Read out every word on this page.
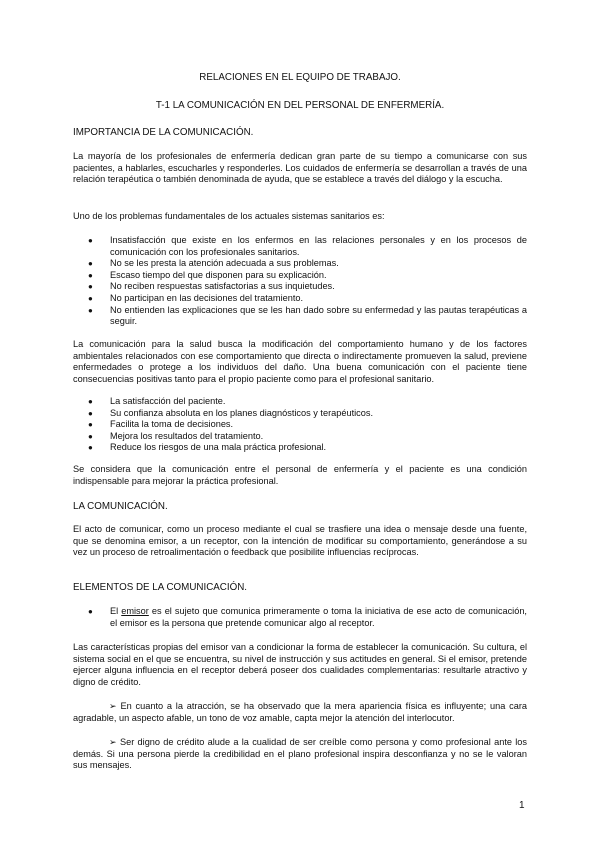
RELACIONES EN EL EQUIPO DE TRABAJO.
T-1 LA COMUNICACIÓN EN DEL PERSONAL DE ENFERMERÍA.
IMPORTANCIA DE LA COMUNICACIÓN.

La mayoría de los profesionales de enfermería dedican gran parte de su tiempo a comunicarse con sus pacientes, a hablarles, escucharles y responderles. Los cuidados de enfermería se desarrollan a través de una relación terapéutica o también denominada de ayuda, que se establece a través del diálogo y la escucha.

Uno de los problemas fundamentales de los actuales sistemas sanitarios es:

● Insatisfacción que existe en los enfermos en las relaciones personales y en los procesos de comunicación con los profesionales sanitarios.
● No se les presta la atención adecuada a sus problemas.
● Escaso tiempo del que disponen para su explicación.
● No reciben respuestas satisfactorias a sus inquietudes.
● No participan en las decisiones del tratamiento.
● No entienden las explicaciones que se les han dado sobre su enfermedad y las pautas terapéuticas a seguir.

La comunicación para la salud busca la modificación del comportamiento humano y de los factores ambientales relacionados con ese comportamiento que directa o indirectamente promueven la salud, previene enfermedades o protege a los individuos del daño. Una buena comunicación con el paciente tiene consecuencias positivas tanto para el propio paciente como para el profesional sanitario.

● La satisfacción del paciente.
● Su confianza absoluta en los planes diagnósticos y terapéuticos.
● Facilita la toma de decisiones.
● Mejora los resultados del tratamiento.
● Reduce los riesgos de una mala práctica profesional.

Se considera que la comunicación entre el personal de enfermería y el paciente es una condición indispensable para mejorar la práctica profesional.

LA COMUNICACIÓN.

El acto de comunicar, como un proceso mediante el cual se trasfiere una idea o mensaje desde una fuente, que se denomina emisor, a un receptor, con la intención de modificar su comportamiento, generándose a su vez un proceso de retroalimentación o feedback que posibilite influencias recíprocas.

ELEMENTOS DE LA COMUNICACIÓN.
● El emisor es el sujeto que comunica primeramente o toma la iniciativa de ese acto de comunicación, el emisor es la persona que pretende comunicar algo al receptor.

Las características propias del emisor van a condicionar la forma de establecer la comunicación. Su cultura, el sistema social en el que se encuentra, su nivel de instrucción y sus actitudes en general. Si el emisor, pretende ejercer alguna influencia en el receptor deberá poseer dos cualidades complementarias: resultarle atractivo y digno de crédito.

➢ En cuanto a la atracción, se ha observado que la mera apariencia física es influyente; una cara agradable, un aspecto afable, un tono de voz amable, capta mejor la atención del interlocutor.

➢ Ser digno de crédito alude a la cualidad de ser creíble como persona y como profesional ante los demás. Si una persona pierde la credibilidad en el plano profesional inspira desconfianza y no se le valoran sus mensajes.

1
